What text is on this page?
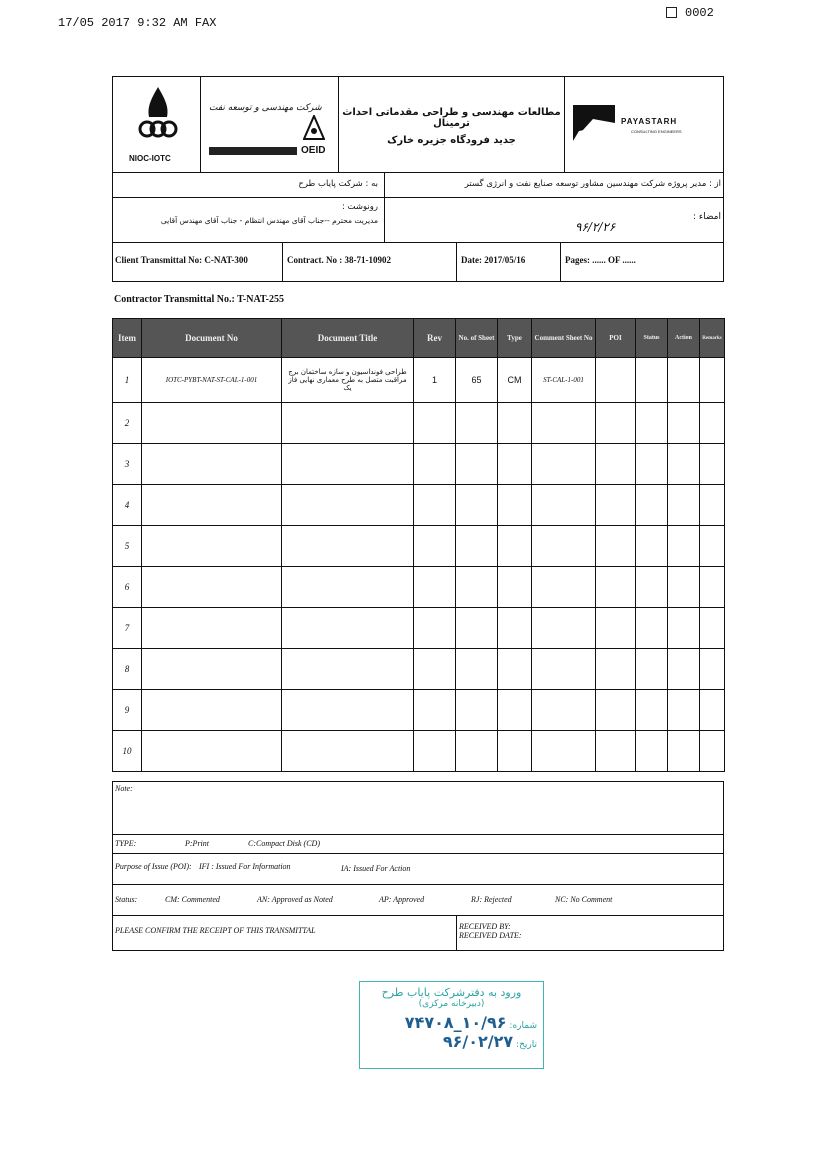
17/05 2017 9:32 AM FAX
0002
NIOC-IOTC
شرکت مهندسی و توسعه نفت
OEID
مطالعات مهندسی و طراحی مقدماتی احداث ترمینال
جدید فرودگاه جزیره خارک
PAYASTARH
CONSULTING ENGINEERS
به : شرکت پایاب طرح	از : مدیر پروژه شرکت مهندسین مشاور توسعه صنایع نفت و انرژی گستر
رونوشت :
مدیریت محترم --جناب آقای مهندس انتظام - جناب آقای مهندس آقایی	امضاء :
۹۶/۲/۲۶
Client Transmittal No: C-NAT-300	Contract. No : 38-71-10902	Date: 2017/05/16	Pages: ...... OF ......
Contractor Transmittal No.: T-NAT-255
Item	Document No	Document Title	Rev	No. of Sheet	Type	Comment Sheet No	POI	Status	Action	Remarks
1	IOTC-PYBT-NAT-ST-CAL-1-001	طراحی فونداسیون و سازه ساختمان برج مراقبت متصل به طرح معماری نهایی فاز یک	1	65	CM	ST-CAL-1-001				
2										
3										
4										
5										
6										
7										
8										
9										
10										
Note:
TYPE:	P:Print	C:Compact Disk (CD)
Purpose of Issue (POI): IFI : Issued For Information	IA: Issued For Action
Status:	CM: Commented	AN: Approved as Noted	AP: Approved	RJ: Rejected	NC: No Comment
PLEASE CONFIRM THE RECEIPT OF THIS TRANSMITTAL	RECEIVED BY:
RECEIVED DATE:
ورود به دفترشرکت پایاب طرح
(دبیرخانه مرکزی)
شماره: ۱۰/۹۶_۷۴۷۰۸
تاریخ: ۹۶/۰۲/۲۷
